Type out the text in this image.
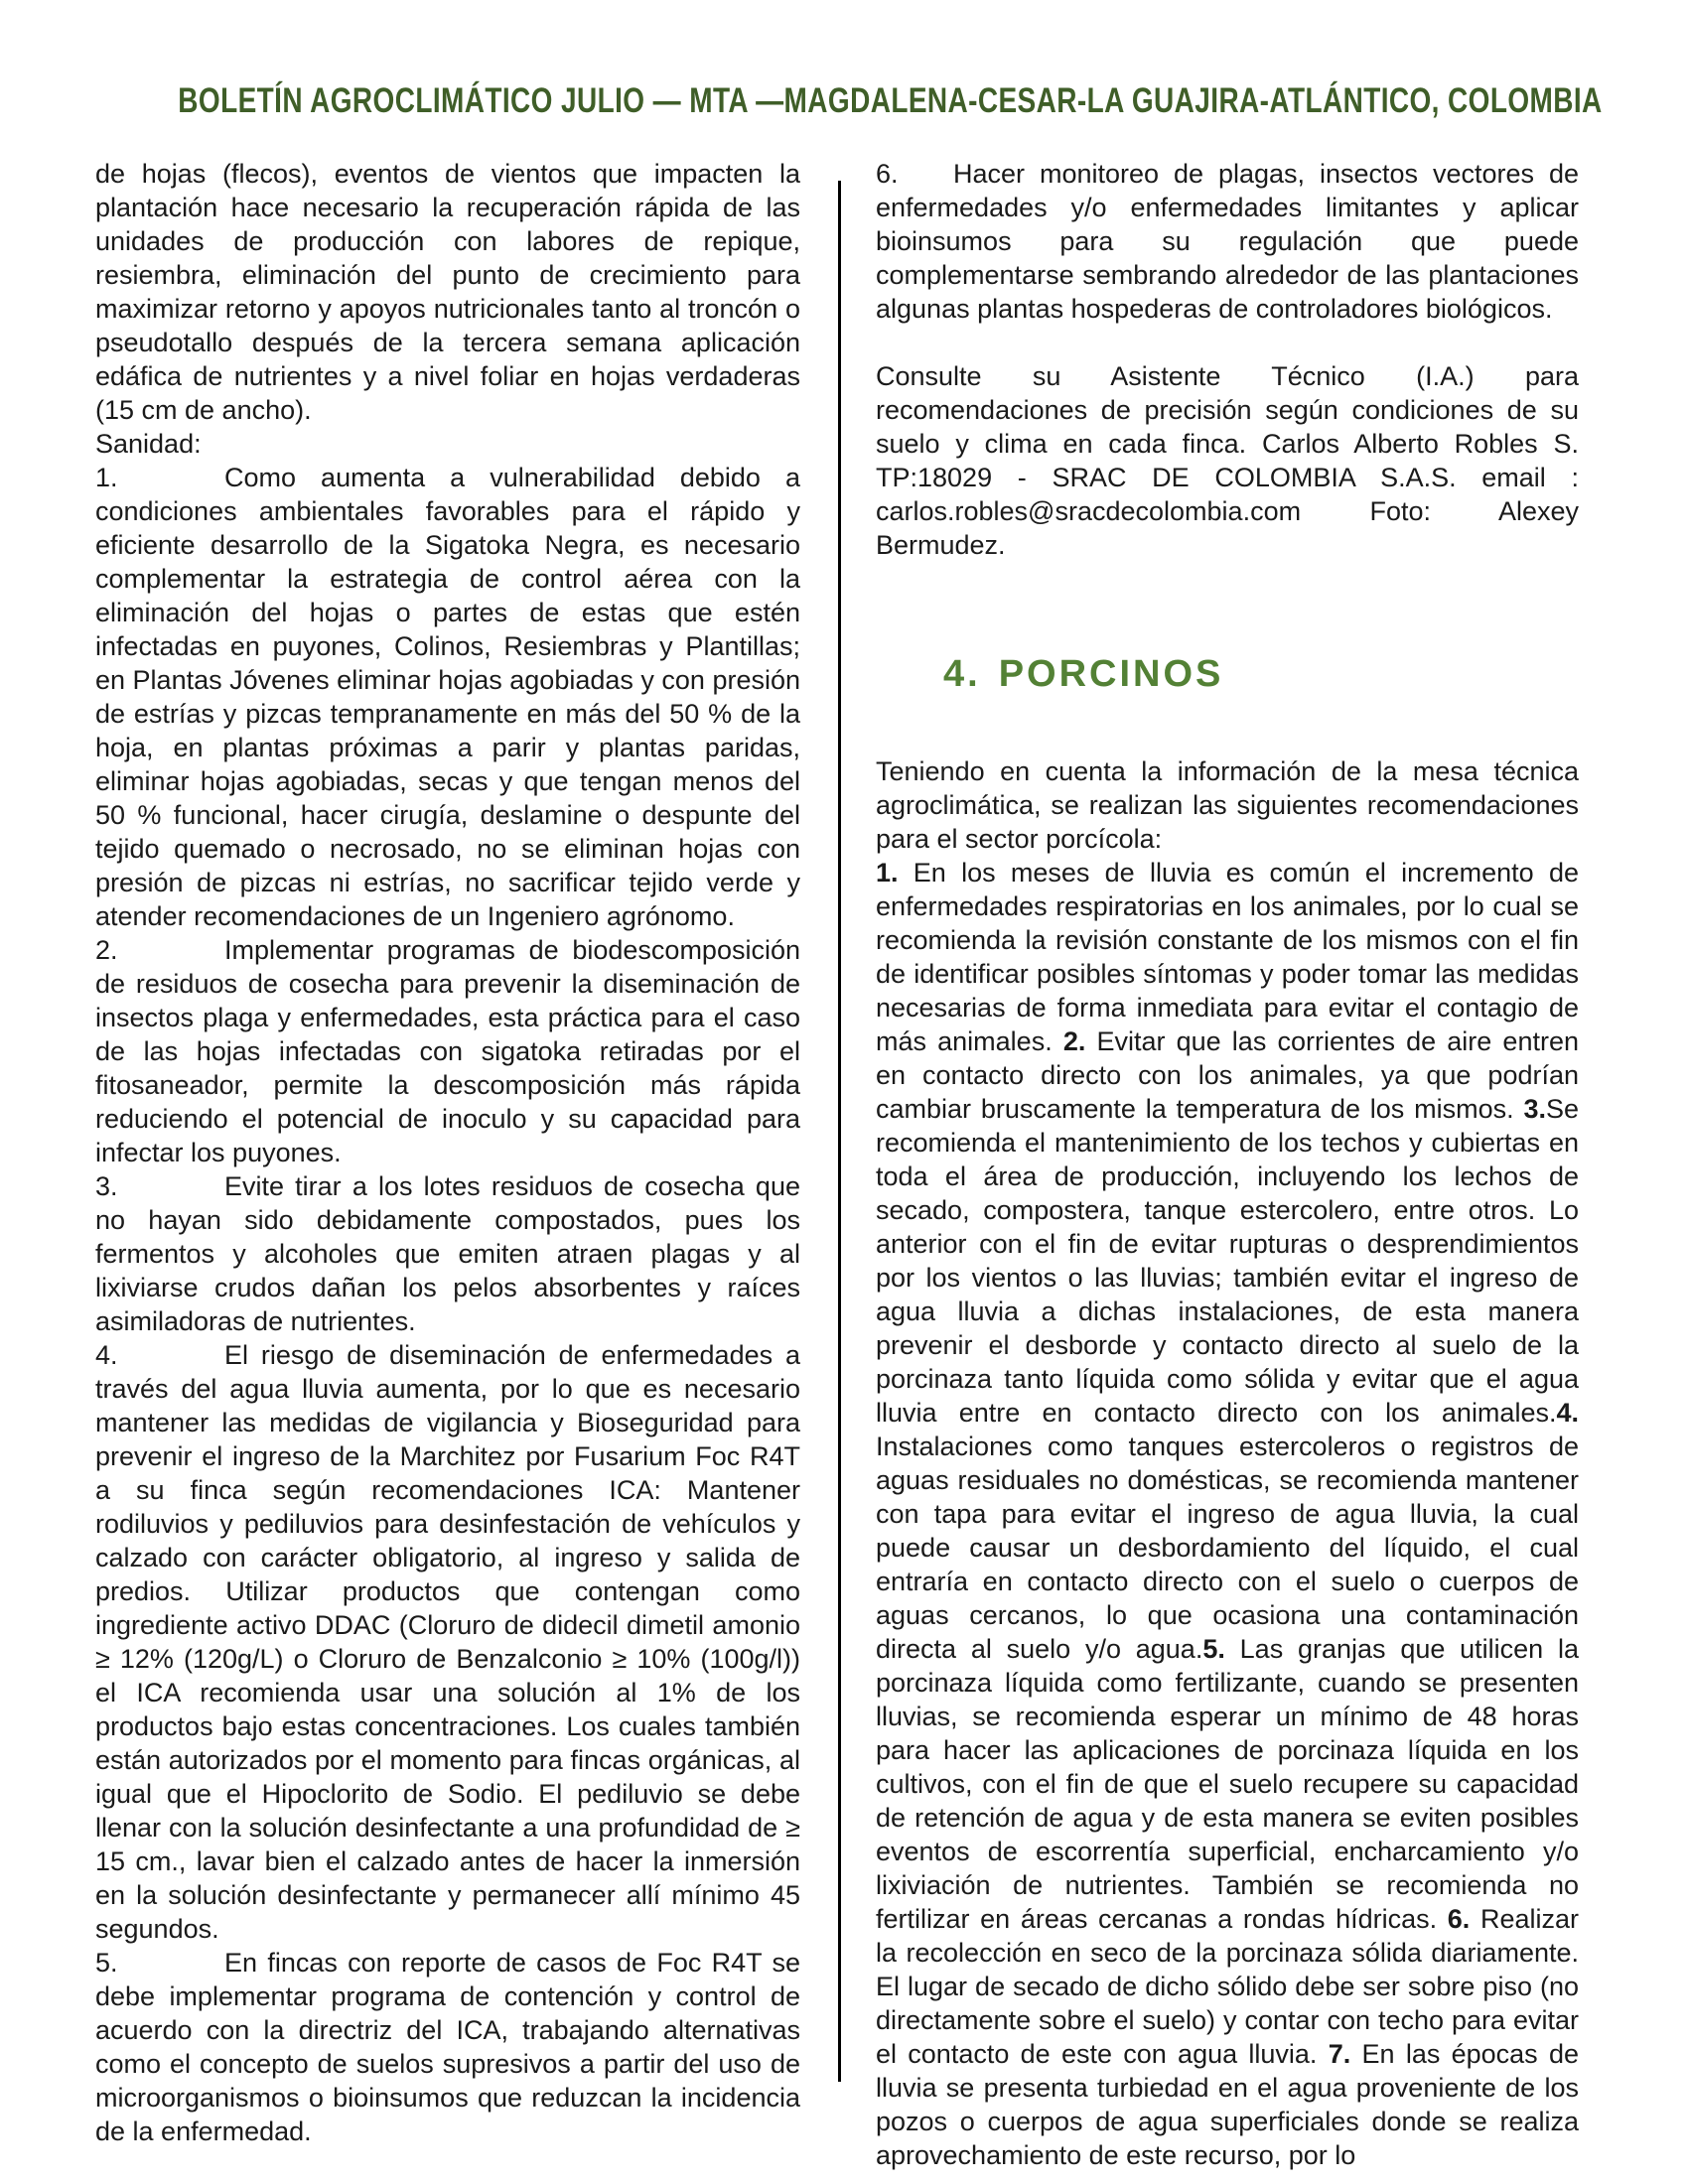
BOLETÍN AGROCLIMÁTICO JULIO — MTA —MAGDALENA-CESAR-LA GUAJIRA-ATLÁNTICO, COLOMBIA

de hojas (flecos), eventos de vientos que impacten la plantación hace necesario la recuperación rápida de las unidades de producción con labores de repique, resiembra, eliminación del punto de crecimiento para maximizar retorno y apoyos nutricionales tanto al troncón o pseudotallo después de la tercera semana aplicación edáfica de nutrientes y a nivel foliar en hojas verdaderas (15 cm de ancho).

Sanidad:

1.	Como aumenta a vulnerabilidad debido a condiciones ambientales favorables para el rápido y eficiente desarrollo de la Sigatoka Negra, es necesario complementar la estrategia de control aérea con la eliminación del hojas o partes de estas que estén infectadas en puyones, Colinos, Resiembras y Plantillas; en Plantas Jóvenes eliminar hojas agobiadas y con presión de estrías y pizcas tempranamente en más del 50 % de la hoja, en plantas próximas a parir y plantas paridas, eliminar hojas agobiadas, secas y que tengan menos del 50 % funcional, hacer cirugía, deslamine o despunte del tejido quemado o necrosado, no se eliminan hojas con presión de pizcas ni estrías, no sacrificar tejido verde y atender recomendaciones de un Ingeniero agrónomo.

2.	Implementar programas de biodescomposición de residuos de cosecha para prevenir la diseminación de insectos plaga y enfermedades, esta práctica para el caso de las hojas infectadas con sigatoka retiradas por el fitosaneador, permite la descomposición más rápida reduciendo el potencial de inoculo y su capacidad para infectar los puyones.

3.	Evite tirar a los lotes residuos de cosecha que no hayan sido debidamente compostados, pues los fermentos y alcoholes que emiten atraen plagas y al lixiviarse crudos dañan los pelos absorbentes y raíces asimiladoras de nutrientes.

4.	El riesgo de diseminación de enfermedades a través del agua lluvia aumenta, por lo que es necesario mantener las medidas de vigilancia y Bioseguridad para prevenir el ingreso de la Marchitez por Fusarium Foc R4T a su finca según recomendaciones ICA: Mantener rodiluvios y pediluvios para desinfestación de vehículos y calzado con carácter obligatorio, al ingreso y salida de predios. Utilizar productos que contengan como ingrediente activo DDAC (Cloruro de didecil dimetil amonio ≥ 12% (120g/L) o Cloruro de Benzalconio ≥ 10% (100g/l)) el ICA recomienda usar una solución al 1% de los productos bajo estas concentraciones. Los cuales también están autorizados por el momento para fincas orgánicas, al igual que el Hipoclorito de Sodio. El pediluvio se debe llenar con la solución desinfectante a una profundidad de ≥ 15 cm., lavar bien el calzado antes de hacer la inmersión en la solución desinfectante y permanecer allí mínimo 45 segundos.

5.	En fincas con reporte de casos de Foc R4T se debe implementar programa de contención y control de acuerdo con la directriz del ICA, trabajando alternativas como el concepto de suelos supresivos a partir del uso de microorganismos o bioinsumos que reduzcan la incidencia de la enfermedad.

6. Hacer monitoreo de plagas, insectos vectores de enfermedades y/o enfermedades limitantes y aplicar bioinsumos para su regulación que puede complementarse sembrando alrededor de las plantaciones algunas plantas hospederas de controladores biológicos.

Consulte su Asistente Técnico (I.A.) para recomendaciones de precisión según condiciones de su suelo y clima en cada finca. Carlos Alberto Robles S. TP:18029 - SRAC DE COLOMBIA S.A.S. email : carlos.robles@sracdecolombia.com Foto: Alexey Bermudez.

4. PORCINOS

Teniendo en cuenta la información de la mesa técnica agroclimática, se realizan las siguientes recomendaciones para el sector porcícola:

1. En los meses de lluvia es común el incremento de enfermedades respiratorias en los animales, por lo cual se recomienda la revisión constante de los mismos con el fin de identificar posibles síntomas y poder tomar las medidas necesarias de forma inmediata para evitar el contagio de más animales. 2. Evitar que las corrientes de aire entren en contacto directo con los animales, ya que podrían cambiar bruscamente la temperatura de los mismos. 3.Se recomienda el mantenimiento de los techos y cubiertas en toda el área de producción, incluyendo los lechos de secado, compostera, tanque estercolero, entre otros. Lo anterior con el fin de evitar rupturas o desprendimientos por los vientos o las lluvias; también evitar el ingreso de agua lluvia a dichas instalaciones, de esta manera prevenir el desborde y contacto directo al suelo de la porcinaza tanto líquida como sólida y evitar que el agua lluvia entre en contacto directo con los animales.4. Instalaciones como tanques estercoleros o registros de aguas residuales no domésticas, se recomienda mantener con tapa para evitar el ingreso de agua lluvia, la cual puede causar un desbordamiento del líquido, el cual entraría en contacto directo con el suelo o cuerpos de aguas cercanos, lo que ocasiona una contaminación directa al suelo y/o agua.5. Las granjas que utilicen la porcinaza líquida como fertilizante, cuando se presenten lluvias, se recomienda esperar un mínimo de 48 horas para hacer las aplicaciones de porcinaza líquida en los cultivos, con el fin de que el suelo recupere su capacidad de retención de agua y de esta manera se eviten posibles eventos de escorrentía superficial, encharcamiento y/o lixiviación de nutrientes. También se recomienda no fertilizar en áreas cercanas a rondas hídricas. 6. Realizar la recolección en seco de la porcinaza sólida diariamente. El lugar de secado de dicho sólido debe ser sobre piso (no directamente sobre el suelo) y contar con techo para evitar el contacto de este con agua lluvia. 7. En las épocas de lluvia se presenta turbiedad en el agua proveniente de los pozos o cuerpos de agua superficiales donde se realiza aprovechamiento de este recurso, por lo
